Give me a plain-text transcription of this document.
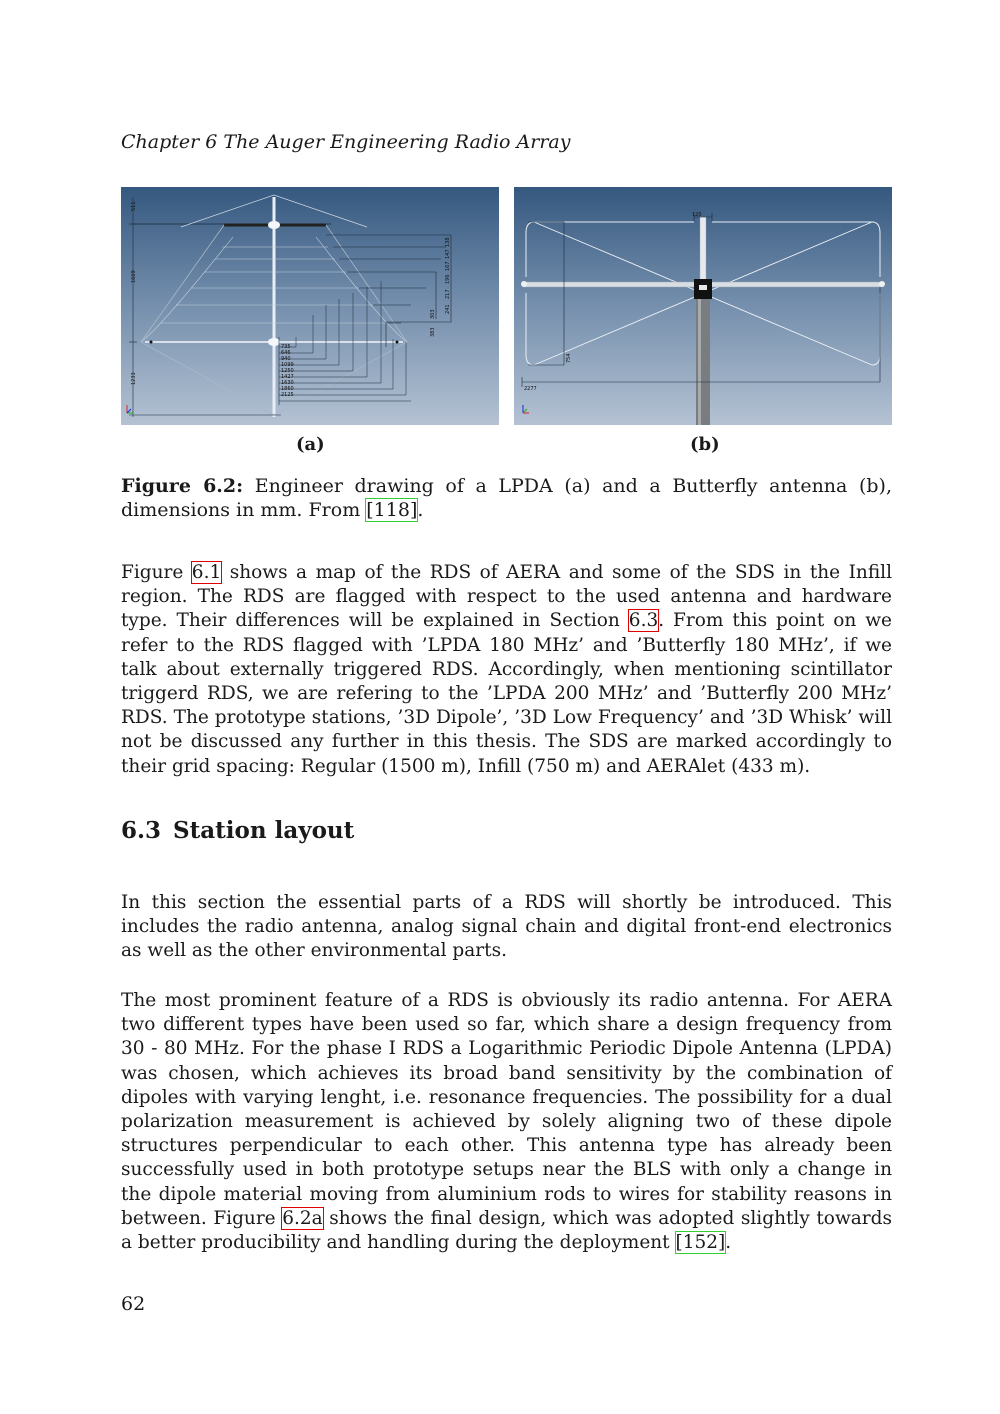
Chapter 6 The Auger Engineering Radio Array
511
1669
1233
138
147
167
196
217
241
303
383
735
646
940
1099
1250
1427
1630
1860
2125
120
754
2277
(a)	(b)
Figure 6.2: Engineer drawing of a LPDA (a) and a Butterfly antenna (b), dimensions in mm. From [118].

Figure 6.1 shows a map of the RDS of AERA and some of the SDS in the Infill region. The RDS are flagged with respect to the used antenna and hardware type. Their differences will be explained in Section 6.3. From this point on we refer to the RDS flagged with ’LPDA 180 MHz’ and ’Butterfly 180 MHz’, if we talk about externally triggered RDS. Accordingly, when mentioning scintillator triggerd RDS, we are refering to the ’LPDA 200 MHz’ and ’Butterfly 200 MHz’ RDS. The prototype stations, ’3D Dipole’, ’3D Low Frequency’ and ’3D Whisk’ will not be discussed any further in this thesis. The SDS are marked accordingly to their grid spacing: Regular (1500 m), Infill (750 m) and AERAlet (433 m).

6.3 Station layout

In this section the essential parts of a RDS will shortly be introduced. This includes the radio antenna, analog signal chain and digital front-end electronics as well as the other environmental parts.

The most prominent feature of a RDS is obviously its radio antenna. For AERA two different types have been used so far, which share a design frequency from 30 - 80 MHz. For the phase I RDS a Logarithmic Periodic Dipole Antenna (LPDA) was chosen, which achieves its broad band sensitivity by the combination of dipoles with varying lenght, i.e. resonance frequencies. The possibility for a dual polarization measurement is achieved by solely aligning two of these dipole structures perpendicular to each other. This antenna type has already been successfully used in both prototype setups near the BLS with only a change in the dipole material moving from aluminium rods to wires for stability reasons in between. Figure 6.2a shows the final design, which was adopted slightly towards a better producibility and handling during the deployment [152].

62
